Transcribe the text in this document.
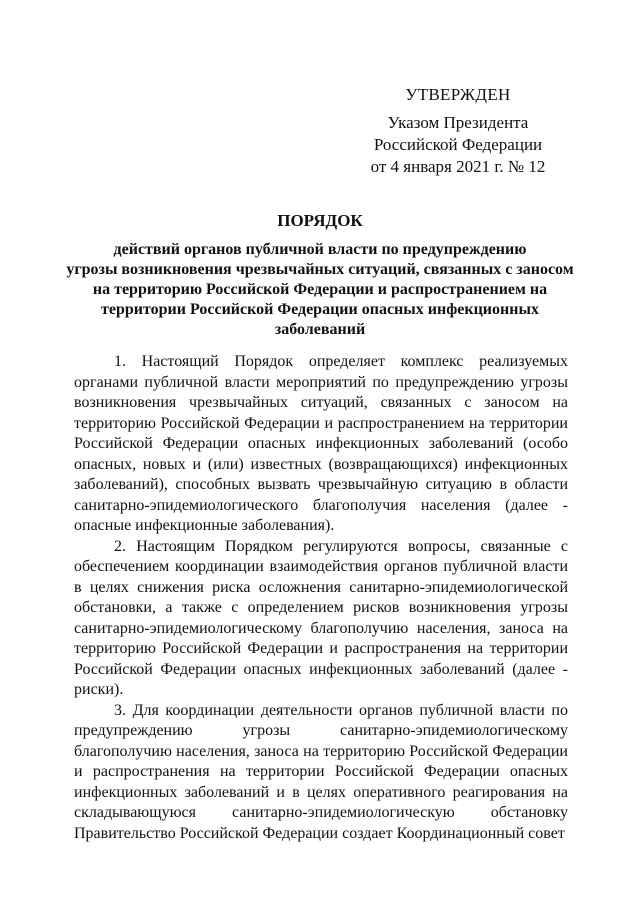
УТВЕРЖДЕН
Указом Президента
Российской Федерации
от 4 января 2021 г. № 12
ПОРЯДОК
действий органов публичной власти по предупреждению
угрозы возникновения чрезвычайных ситуаций, связанных с заносом
на территорию Российской Федерации и распространением на
территории Российской Федерации опасных инфекционных
заболеваний

1. Настоящий Порядок определяет комплекс реализуемых органами публичной власти мероприятий по предупреждению угрозы возникновения чрезвычайных ситуаций, связанных с заносом на территорию Российской Федерации и распространением на территории Российской Федерации опасных инфекционных заболеваний (особо опасных, новых и (или) известных (возвращающихся) инфекционных заболеваний), способных вызвать чрезвычайную ситуацию в области санитарно-эпидемиологического благополучия населения (далее - опасные инфекционные заболевания).

2. Настоящим Порядком регулируются вопросы, связанные с обеспечением координации взаимодействия органов публичной власти в целях снижения риска осложнения санитарно-эпидемиологической обстановки, а также с определением рисков возникновения угрозы санитарно-эпидемиологическому благополучию населения, заноса на территорию Российской Федерации и распространения на территории Российской Федерации опасных инфекционных заболеваний (далее - риски).

3. Для координации деятельности органов публичной власти по предупреждению угрозы санитарно-эпидемиологическому благополучию населения, заноса на территорию Российской Федерации и распространения на территории Российской Федерации опасных инфекционных заболеваний и в целях оперативного реагирования на складывающуюся санитарно-эпидемиологическую обстановку Правительство Российской Федерации создает Координационный совет
